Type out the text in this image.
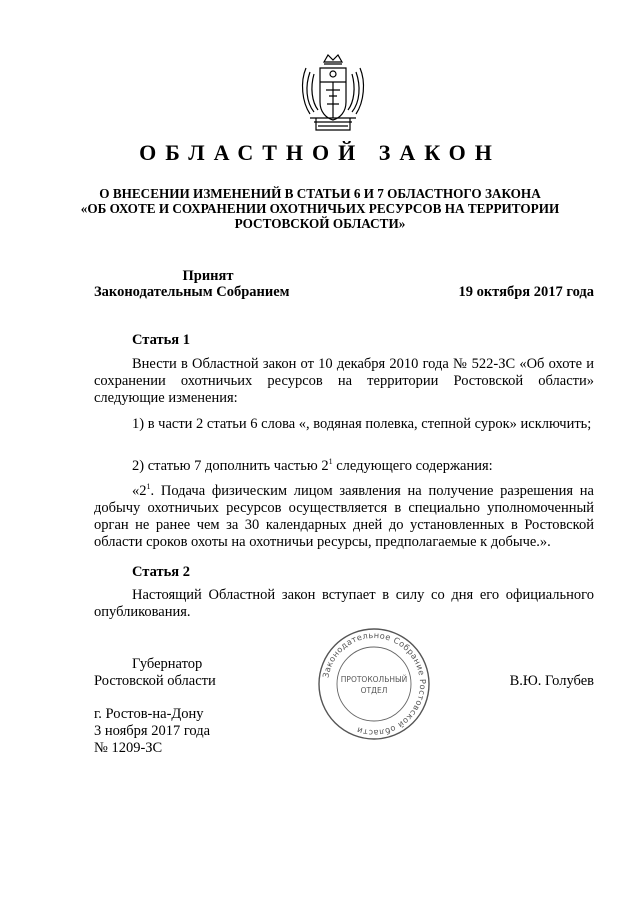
ОБЛАСТНОЙ ЗАКОН
О ВНЕСЕНИИ ИЗМЕНЕНИЙ В СТАТЬИ 6 И 7 ОБЛАСТНОГО ЗАКОНА
«ОБ ОХОТЕ И СОХРАНЕНИИ ОХОТНИЧЬИХ РЕСУРСОВ НА ТЕРРИТОРИИ
РОСТОВСКОЙ ОБЛАСТИ»
Принят
Законодательным Собранием	19 октября 2017 года
Статья 1
Внести в Областной закон от 10 декабря 2010 года № 522-ЗС «Об охоте и сохранении охотничьих ресурсов на территории Ростовской области» следующие изменения:
1) в части 2 статьи 6 слова «, водяная полевка, степной сурок» исключить;
2) статью 7 дополнить частью $2^1$ следующего содержания:
«$2^1$. Подача физическим лицом заявления на получение разрешения на добычу охотничьих ресурсов осуществляется в специально уполномоченный орган не ранее чем за 30 календарных дней до установленных в Ростовской области сроков охоты на охотничьи ресурсы, предполагаемые к добыче.».
Статья 2
Настоящий Областной закон вступает в силу со дня его официального опубликования.
Губернатор
Ростовской области	В.Ю. Голубев
г. Ростов-на-Дону
3 ноября 2017 года
№ 1209-ЗС
Законодательное Собрание Ростовской области
ПРОТОКОЛЬНЫЙ
ОТДЕЛ
